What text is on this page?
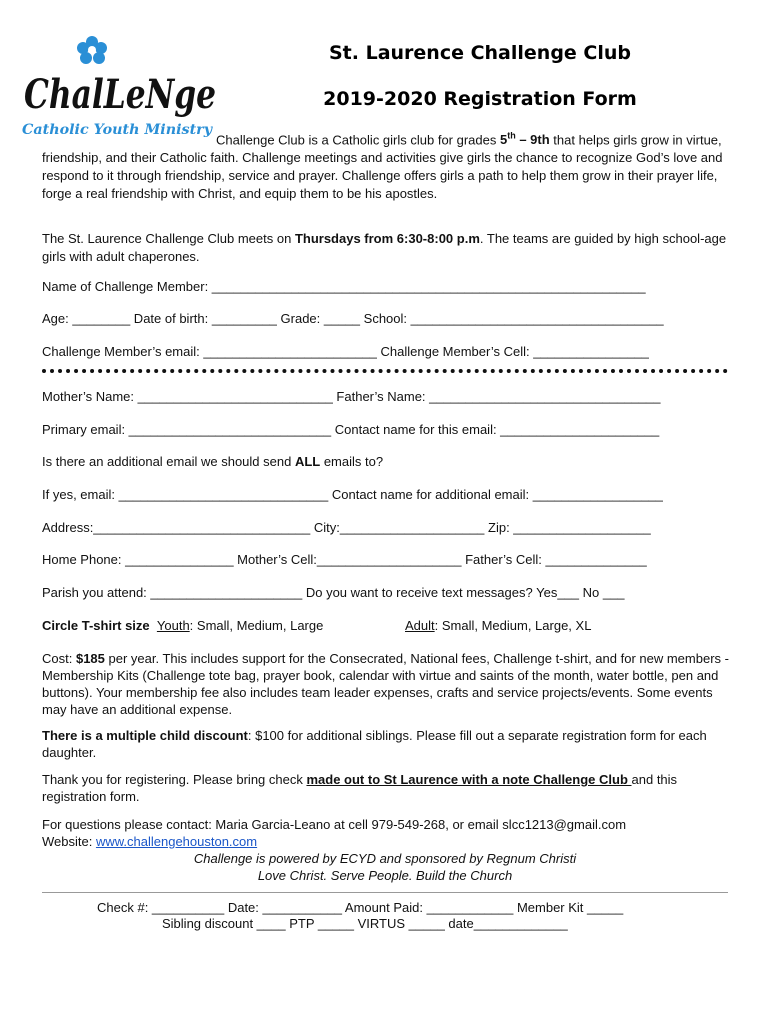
ChalLeNge
Catholic Youth Ministry
St. Laurence Challenge Club
2019-2020 Registration Form
Challenge Club is a Catholic girls club for grades 5th – 9th that helps girls grow in virtue, friendship, and their Catholic faith. Challenge meetings and activities give girls the chance to recognize God’s love and respond to it through friendship, service and prayer. Challenge offers girls a path to help them grow in their prayer life, forge a real friendship with Christ, and equip them to be his apostles.
The St. Laurence Challenge Club meets on Thursdays from 6:30-8:00 p.m. The teams are guided by high school-age girls with adult chaperones.
Name of Challenge Member: ____________________________________________________________
Age: ________ Date of birth: _________ Grade: _____ School: ___________________________________
Challenge Member’s email: ________________________ Challenge Member’s Cell: ________________
Mother’s Name: ___________________________ Father’s Name: ________________________________
Primary email: ____________________________ Contact name for this email: ______________________
Is there an additional email we should send ALL emails to?
If yes, email: _____________________________ Contact name for additional email: __________________
Address:______________________________ City:____________________ Zip: ___________________
Home Phone: _______________ Mother’s Cell:____________________ Father’s Cell: ______________
Parish you attend: _____________________ Do you want to receive text messages? Yes___ No ___
Circle T-shirt size Youth: Small, Medium, Large	Adult: Small, Medium, Large, XL
Cost: $185 per year. This includes support for the Consecrated, National fees, Challenge t-shirt, and for new members -Membership Kits (Challenge tote bag, prayer book, calendar with virtue and saints of the month, water bottle, pen and buttons). Your membership fee also includes team leader expenses, crafts and service projects/events. Some events may have an additional expense.
There is a multiple child discount: $100 for additional siblings. Please fill out a separate registration form for each daughter.
Thank you for registering. Please bring check made out to St Laurence with a note Challenge Club and this registration form.
For questions please contact: Maria Garcia-Leano at cell 979-549-268, or email slcc1213@gmail.com
Website: www.challengehouston.com
Challenge is powered by ECYD and sponsored by Regnum Christi
Love Christ. Serve People. Build the Church
Check #: __________ Date: ___________ Amount Paid: ____________ Member Kit _____
Sibling discount ____ PTP _____ VIRTUS _____ date_____________
